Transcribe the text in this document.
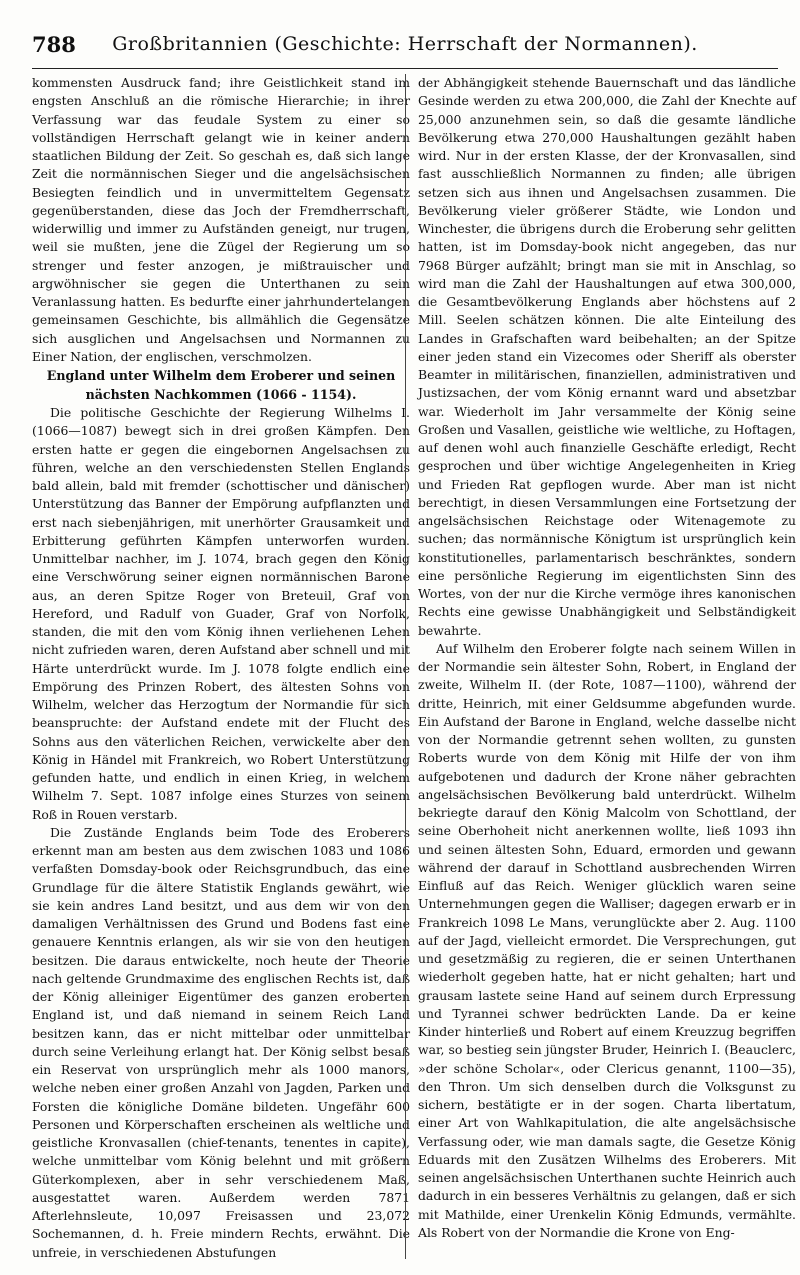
788	Großbritannien (Geschichte: Herrschaft der Normannen).

kommensten Ausdruck fand; ihre Geistlichkeit stand im engsten Anschluß an die römische Hierarchie; in ihrer Verfassung war das feudale System zu einer so vollständigen Herrschaft gelangt wie in keiner andern staatlichen Bildung der Zeit. So geschah es, daß sich lange Zeit die normännischen Sieger und die angelsächsischen Besiegten feindlich und in unvermitteltem Gegensatz gegenüberstanden, diese das Joch der Fremdherrschaft, widerwillig und immer zu Aufständen geneigt, nur trugen, weil sie mußten, jene die Zügel der Regierung um so strenger und fester anzogen, je mißtrauischer und argwöhnischer sie gegen die Unterthanen zu sein Veranlassung hatten. Es bedurfte einer jahrhundertelangen gemeinsamen Geschichte, bis allmählich die Gegensätze sich ausglichen und Angelsachsen und Normannen zu Einer Nation, der englischen, verschmolzen.

England unter Wilhelm dem Eroberer und seinen nächsten Nachkommen (1066 - 1154).

Die politische Geschichte der Regierung Wilhelms I. (1066—1087) bewegt sich in drei großen Kämpfen. Den ersten hatte er gegen die eingebornen Angelsachsen zu führen, welche an den verschiedensten Stellen Englands bald allein, bald mit fremder (schottischer und dänischer) Unterstützung das Banner der Empörung aufpflanzten und erst nach siebenjährigen, mit unerhörter Grausamkeit und Erbitterung geführten Kämpfen unterworfen wurden. Unmittelbar nachher, im J. 1074, brach gegen den König eine Verschwörung seiner eignen normännischen Barone aus, an deren Spitze Roger von Breteuil, Graf von Hereford, und Radulf von Guader, Graf von Norfolk, standen, die mit den vom König ihnen verliehenen Lehen nicht zufrieden waren, deren Aufstand aber schnell und mit Härte unterdrückt wurde. Im J. 1078 folgte endlich eine Empörung des Prinzen Robert, des ältesten Sohns von Wilhelm, welcher das Herzogtum der Normandie für sich beanspruchte: der Aufstand endete mit der Flucht des Sohns aus den väterlichen Reichen, verwickelte aber den König in Händel mit Frankreich, wo Robert Unterstützung gefunden hatte, und endlich in einen Krieg, in welchem Wilhelm 7. Sept. 1087 infolge eines Sturzes von seinem Roß in Rouen verstarb.

Die Zustände Englands beim Tode des Eroberers erkennt man am besten aus dem zwischen 1083 und 1086 verfaßten Domsday-book oder Reichsgrundbuch, das eine Grundlage für die ältere Statistik Englands gewährt, wie sie kein andres Land besitzt, und aus dem wir von den damaligen Verhältnissen des Grund und Bodens fast eine genauere Kenntnis erlangen, als wir sie von den heutigen besitzen. Die daraus entwickelte, noch heute der Theorie nach geltende Grundmaxime des englischen Rechts ist, daß der König alleiniger Eigentümer des ganzen eroberten England ist, und daß niemand in seinem Reich Land besitzen kann, das er nicht mittelbar oder unmittelbar durch seine Verleihung erlangt hat. Der König selbst besaß ein Reservat von ursprünglich mehr als 1000 manors, welche neben einer großen Anzahl von Jagden, Parken und Forsten die königliche Domäne bildeten. Ungefähr 600 Personen und Körperschaften erscheinen als weltliche und geistliche Kronvasallen (chief-tenants, tenentes in capite), welche unmittelbar vom König belehnt und mit größern Güterkomplexen, aber in sehr verschiedenem Maß, ausgestattet waren. Außerdem werden 7871 Afterlehnsleute, 10,097 Freisassen und 23,072 Sochemannen, d. h. Freie mindern Rechts, erwähnt. Die unfreie, in verschiedenen Abstufungen

der Abhängigkeit stehende Bauernschaft und das ländliche Gesinde werden zu etwa 200,000, die Zahl der Knechte auf 25,000 anzunehmen sein, so daß die gesamte ländliche Bevölkerung etwa 270,000 Haushaltungen gezählt haben wird. Nur in der ersten Klasse, der der Kronvasallen, sind fast ausschließlich Normannen zu finden; alle übrigen setzen sich aus ihnen und Angelsachsen zusammen. Die Bevölkerung vieler größerer Städte, wie London und Winchester, die übrigens durch die Eroberung sehr gelitten hatten, ist im Domsday-book nicht angegeben, das nur 7968 Bürger aufzählt; bringt man sie mit in Anschlag, so wird man die Zahl der Haushaltungen auf etwa 300,000, die Gesamtbevölkerung Englands aber höchstens auf 2 Mill. Seelen schätzen können. Die alte Einteilung des Landes in Grafschaften ward beibehalten; an der Spitze einer jeden stand ein Vizecomes oder Sheriff als oberster Beamter in militärischen, finanziellen, administrativen und Justizsachen, der vom König ernannt ward und absetzbar war. Wiederholt im Jahr versammelte der König seine Großen und Vasallen, geistliche wie weltliche, zu Hoftagen, auf denen wohl auch finanzielle Geschäfte erledigt, Recht gesprochen und über wichtige Angelegenheiten in Krieg und Frieden Rat gepflogen wurde. Aber man ist nicht berechtigt, in diesen Versammlungen eine Fortsetzung der angelsächsischen Reichstage oder Witenagemote zu suchen; das normännische Königtum ist ursprünglich kein konstitutionelles, parlamentarisch beschränktes, sondern eine persönliche Regierung im eigentlichsten Sinn des Wortes, von der nur die Kirche vermöge ihres kanonischen Rechts eine gewisse Unabhängigkeit und Selbständigkeit bewahrte.

Auf Wilhelm den Eroberer folgte nach seinem Willen in der Normandie sein ältester Sohn, Robert, in England der zweite, Wilhelm II. (der Rote, 1087—1100), während der dritte, Heinrich, mit einer Geldsumme abgefunden wurde. Ein Aufstand der Barone in England, welche dasselbe nicht von der Normandie getrennt sehen wollten, zu gunsten Roberts wurde von dem König mit Hilfe der von ihm aufgebotenen und dadurch der Krone näher gebrachten angelsächsischen Bevölkerung bald unterdrückt. Wilhelm bekriegte darauf den König Malcolm von Schottland, der seine Oberhoheit nicht anerkennen wollte, ließ 1093 ihn und seinen ältesten Sohn, Eduard, ermorden und gewann während der darauf in Schottland ausbrechenden Wirren Einfluß auf das Reich. Weniger glücklich waren seine Unternehmungen gegen die Walliser; dagegen erwarb er in Frankreich 1098 Le Mans, verunglückte aber 2. Aug. 1100 auf der Jagd, vielleicht ermordet. Die Versprechungen, gut und gesetzmäßig zu regieren, die er seinen Unterthanen wiederholt gegeben hatte, hat er nicht gehalten; hart und grausam lastete seine Hand auf seinem durch Erpressung und Tyrannei schwer bedrückten Lande. Da er keine Kinder hinterließ und Robert auf einem Kreuzzug begriffen war, so bestieg sein jüngster Bruder, Heinrich I. (Beauclerc, »der schöne Scholar«, oder Clericus genannt, 1100—35), den Thron. Um sich denselben durch die Volksgunst zu sichern, bestätigte er in der sogen. Charta libertatum, einer Art von Wahlkapitulation, die alte angelsächsische Verfassung oder, wie man damals sagte, die Gesetze König Eduards mit den Zusätzen Wilhelms des Eroberers. Mit seinen angelsächsischen Unterthanen suchte Heinrich auch dadurch in ein besseres Verhältnis zu gelangen, daß er sich mit Mathilde, einer Urenkelin König Edmunds, vermählte. Als Robert von der Normandie die Krone von Eng-
